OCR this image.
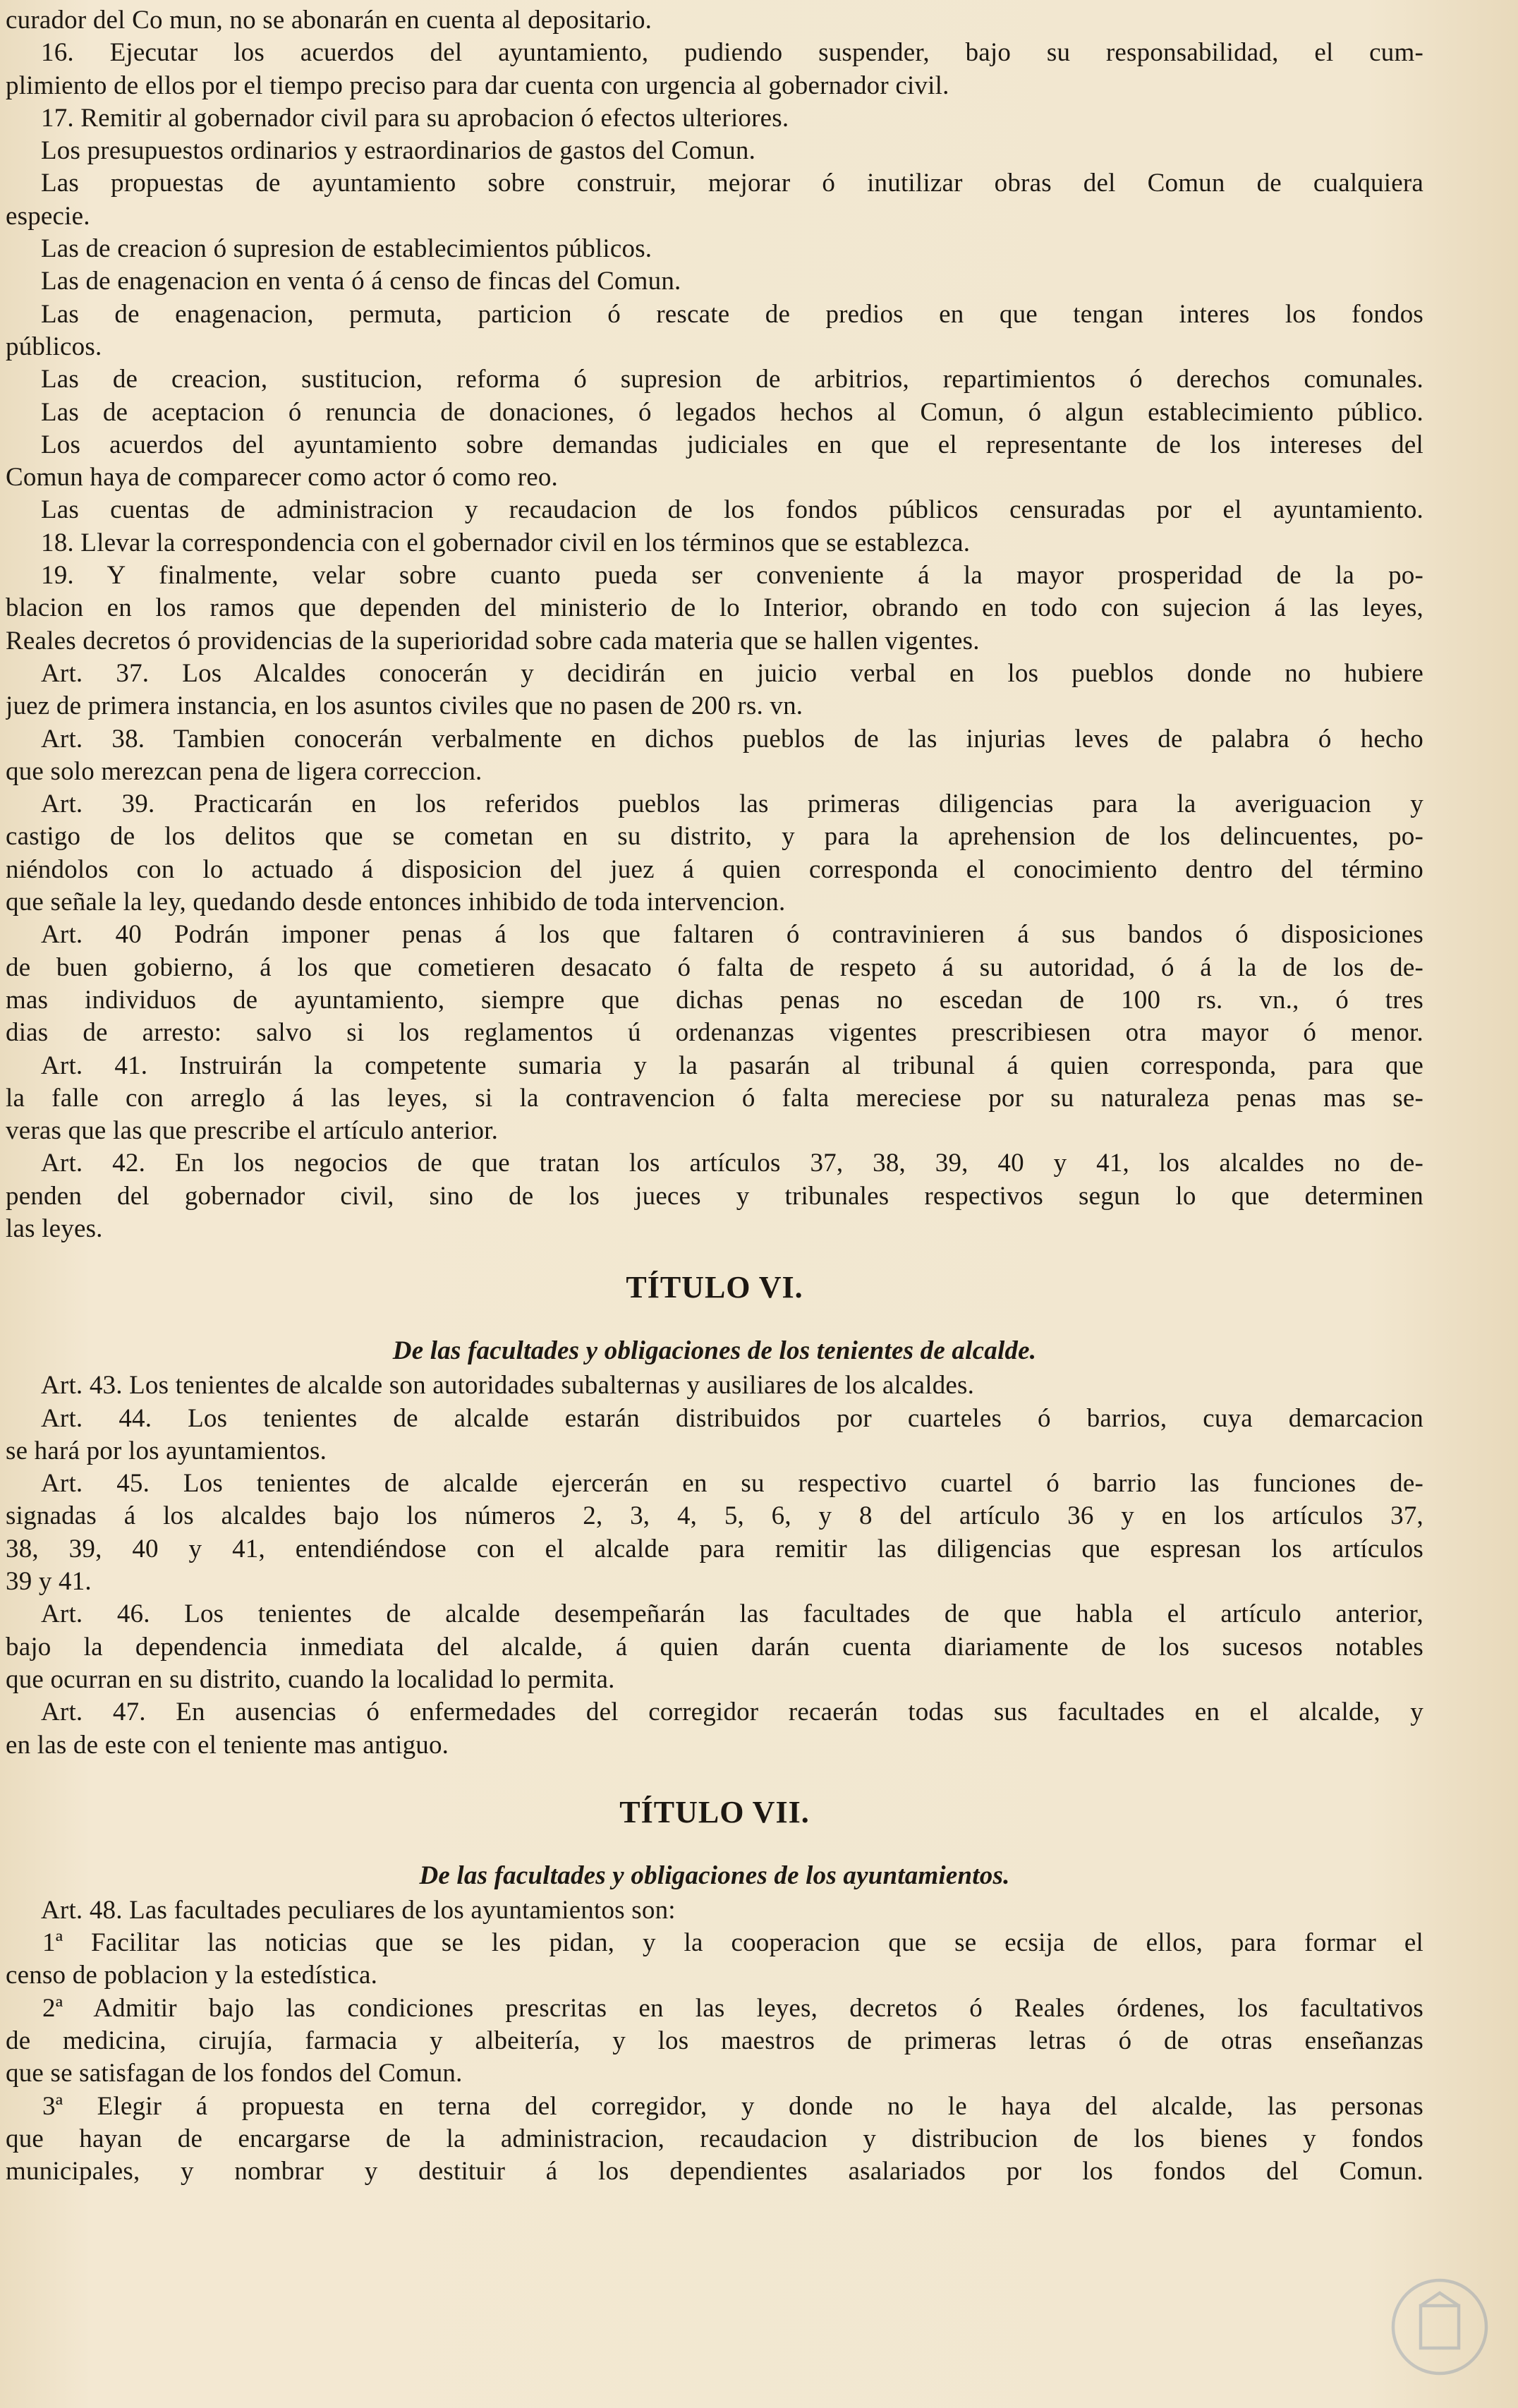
curador del Co mun, no se abonarán en cuenta al depositario.
16. Ejecutar los acuerdos del ayuntamiento, pudiendo suspender, bajo su responsabilidad, el cum-
plimiento de ellos por el tiempo preciso para dar cuenta con urgencia al gobernador civil.
17. Remitir al gobernador civil para su aprobacion ó efectos ulteriores.
Los presupuestos ordinarios y estraordinarios de gastos del Comun.
Las propuestas de ayuntamiento sobre construir, mejorar ó inutilizar obras del Comun de cualquiera
especie.
Las de creacion ó supresion de establecimientos públicos.
Las de enagenacion en venta ó á censo de fincas del Comun.
Las de enagenacion, permuta, particion ó rescate de predios en que tengan interes los fondos
públicos.
Las de creacion, sustitucion, reforma ó supresion de arbitrios, repartimientos ó derechos comunales.
Las de aceptacion ó renuncia de donaciones, ó legados hechos al Comun, ó algun establecimiento público.
Los acuerdos del ayuntamiento sobre demandas judiciales en que el representante de los intereses del
Comun haya de comparecer como actor ó como reo.
Las cuentas de administracion y recaudacion de los fondos públicos censuradas por el ayuntamiento.
18. Llevar la correspondencia con el gobernador civil en los términos que se establezca.
19. Y finalmente, velar sobre cuanto pueda ser conveniente á la mayor prosperidad de la po-
blacion en los ramos que dependen del ministerio de lo Interior, obrando en todo con sujecion á las leyes,
Reales decretos ó providencias de la superioridad sobre cada materia que se hallen vigentes.
Art. 37. Los Alcaldes conocerán y decidirán en juicio verbal en los pueblos donde no hubiere
juez de primera instancia, en los asuntos civiles que no pasen de 200 rs. vn.
Art. 38. Tambien conocerán verbalmente en dichos pueblos de las injurias leves de palabra ó hecho
que solo merezcan pena de ligera correccion.
Art. 39. Practicarán en los referidos pueblos las primeras diligencias para la averiguacion y
castigo de los delitos que se cometan en su distrito, y para la aprehension de los delincuentes, po-
niéndolos con lo actuado á disposicion del juez á quien corresponda el conocimiento dentro del término
que señale la ley, quedando desde entonces inhibido de toda intervencion.
Art. 40 Podrán imponer penas á los que faltaren ó contravinieren á sus bandos ó disposiciones
de buen gobierno, á los que cometieren desacato ó falta de respeto á su autoridad, ó á la de los de-
mas individuos de ayuntamiento, siempre que dichas penas no escedan de 100 rs. vn., ó tres
dias de arresto: salvo si los reglamentos ú ordenanzas vigentes prescribiesen otra mayor ó menor.
Art. 41. Instruirán la competente sumaria y la pasarán al tribunal á quien corresponda, para que
la falle con arreglo á las leyes, si la contravencion ó falta mereciese por su naturaleza penas mas se-
veras que las que prescribe el artículo anterior.
Art. 42. En los negocios de que tratan los artículos 37, 38, 39, 40 y 41, los alcaldes no de-
penden del gobernador civil, sino de los jueces y tribunales respectivos segun lo que determinen
las leyes.
TÍTULO VI.
De las facultades y obligaciones de los tenientes de alcalde.
Art. 43. Los tenientes de alcalde son autoridades subalternas y ausiliares de los alcaldes.
Art. 44. Los tenientes de alcalde estarán distribuidos por cuarteles ó barrios, cuya demarcacion
se hará por los ayuntamientos.
Art. 45. Los tenientes de alcalde ejercerán en su respectivo cuartel ó barrio las funciones de-
signadas á los alcaldes bajo los números 2, 3, 4, 5, 6, y 8 del artículo 36 y en los artículos 37,
38, 39, 40 y 41, entendiéndose con el alcalde para remitir las diligencias que espresan los artículos
39 y 41.
Art. 46. Los tenientes de alcalde desempeñarán las facultades de que habla el artículo anterior,
bajo la dependencia inmediata del alcalde, á quien darán cuenta diariamente de los sucesos notables
que ocurran en su distrito, cuando la localidad lo permita.
Art. 47. En ausencias ó enfermedades del corregidor recaerán todas sus facultades en el alcalde, y
en las de este con el teniente mas antiguo.
TÍTULO VII.
De las facultades y obligaciones de los ayuntamientos.
Art. 48. Las facultades peculiares de los ayuntamientos son:
1ª Facilitar las noticias que se les pidan, y la cooperacion que se ecsija de ellos, para formar el
censo de poblacion y la estedística.
2ª Admitir bajo las condiciones prescritas en las leyes, decretos ó Reales órdenes, los facultativos
de medicina, cirujía, farmacia y albeitería, y los maestros de primeras letras ó de otras enseñanzas
que se satisfagan de los fondos del Comun.
3ª Elegir á propuesta en terna del corregidor, y donde no le haya del alcalde, las personas
que hayan de encargarse de la administracion, recaudacion y distribucion de los bienes y fondos
municipales, y nombrar y destituir á los dependientes asalariados por los fondos del Comun.
